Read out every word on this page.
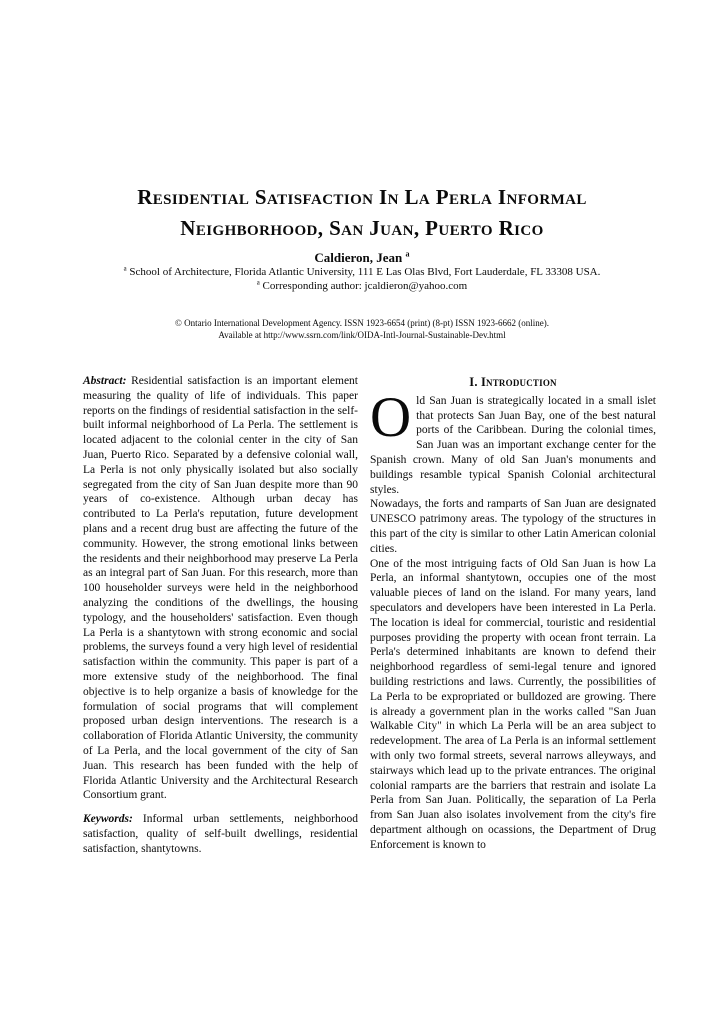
Residential Satisfaction In La Perla Informal
Neighborhood, San Juan, Puerto Rico
Caldieron, Jean $^a$
$^a$ School of Architecture, Florida Atlantic University, 111 E Las Olas Blvd, Fort Lauderdale, FL 33308 USA.
$^a$ Corresponding author: jcaldieron@yahoo.com
© Ontario International Development Agency. ISSN 1923-6654 (print) (8-pt) ISSN 1923-6662 (online).
Available at http://www.ssrn.com/link/OIDA-Intl-Journal-Sustainable-Dev.html

Abstract: Residential satisfaction is an important element measuring the quality of life of individuals. This paper reports on the findings of residential satisfaction in the self-built informal neighborhood of La Perla. The settlement is located adjacent to the colonial center in the city of San Juan, Puerto Rico. Separated by a defensive colonial wall, La Perla is not only physically isolated but also socially segregated from the city of San Juan despite more than 90 years of co-existence. Although urban decay has contributed to La Perla's reputation, future development plans and a recent drug bust are affecting the future of the community. However, the strong emotional links between the residents and their neighborhood may preserve La Perla as an integral part of San Juan. For this research, more than 100 householder surveys were held in the neighborhood analyzing the conditions of the dwellings, the housing typology, and the householders' satisfaction. Even though La Perla is a shantytown with strong economic and social problems, the surveys found a very high level of residential satisfaction within the community. This paper is part of a more extensive study of the neighborhood. The final objective is to help organize a basis of knowledge for the formulation of social programs that will complement proposed urban design interventions. The research is a collaboration of Florida Atlantic University, the community of La Perla, and the local government of the city of San Juan. This research has been funded with the help of Florida Atlantic University and the Architectural Research Consortium grant.

Keywords: Informal urban settlements, neighborhood satisfaction, quality of self-built dwellings, residential satisfaction, shantytowns.

I. Introduction

Old San Juan is strategically located in a small islet that protects San Juan Bay, one of the best natural ports of the Caribbean. During the colonial times, San Juan was an important exchange center for the Spanish crown. Many of old San Juan's monuments and buildings resamble typical Spanish Colonial architectural styles.

Nowadays, the forts and ramparts of San Juan are designated UNESCO patrimony areas. The typology of the structures in this part of the city is similar to other Latin American colonial cities.

One of the most intriguing facts of Old San Juan is how La Perla, an informal shantytown, occupies one of the most valuable pieces of land on the island. For many years, land speculators and developers have been interested in La Perla. The location is ideal for commercial, touristic and residential purposes providing the property with ocean front terrain. La Perla's determined inhabitants are known to defend their neighborhood regardless of semi-legal tenure and ignored building restrictions and laws. Currently, the possibilities of La Perla to be expropriated or bulldozed are growing. There is already a government plan in the works called "San Juan Walkable City" in which La Perla will be an area subject to redevelopment. The area of La Perla is an informal settlement with only two formal streets, several narrows alleyways, and stairways which lead up to the private entrances. The original colonial ramparts are the barriers that restrain and isolate La Perla from San Juan. Politically, the separation of La Perla from San Juan also isolates involvement from the city's fire department although on ocassions, the Department of Drug Enforcement is known to
